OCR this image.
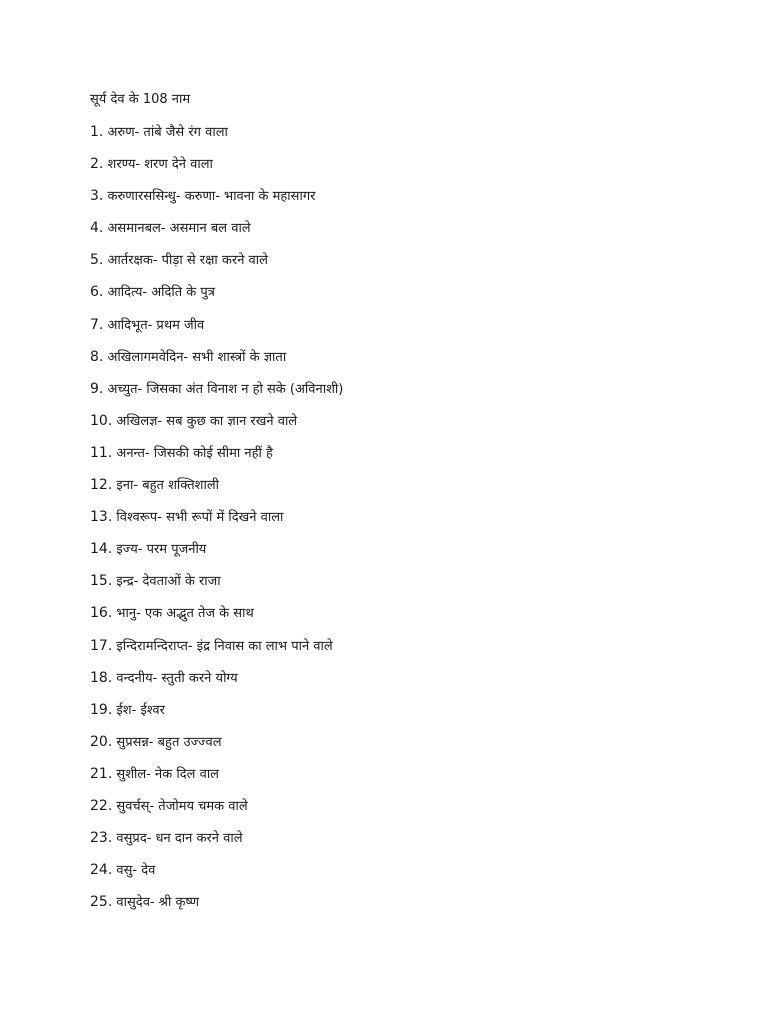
सूर्य देव के 108 नाम
1. अरुण- तांबे जैसे रंग वाला
2. शरण्य- शरण देने वाला
3. करुणारससिन्धु- करुणा- भावना के महासागर
4. असमानबल- असमान बल वाले
5. आर्तरक्षक- पीड़ा से रक्षा करने वाले
6. आदित्य- अदिति के पुत्र
7. आदिभूत- प्रथम जीव
8. अखिलागमवेदिन- सभी शास्त्रों के ज्ञाता
9. अच्युत- जिसका अंत विनाश न हो सके (अविनाशी)
10. अखिलज्ञ- सब कुछ का ज्ञान रखने वाले
11. अनन्त- जिसकी कोई सीमा नहीं है
12. इना- बहुत शक्तिशाली
13. विश्वरूप- सभी रूपों में दिखने वाला
14. इज्य- परम पूजनीय
15. इन्द्र- देवताओं के राजा
16. भानु- एक अद्भुत तेज के साथ
17. इन्दिरामन्दिराप्त- इंद्र निवास का लाभ पाने वाले
18. वन्दनीय- स्तुती करने योग्य
19. ईश- ईश्वर
20. सुप्रसन्न- बहुत उज्ज्वल
21. सुशील- नेक दिल वाल
22. सुवर्चस्- तेजोमय चमक वाले
23. वसुप्रद- धन दान करने वाले
24. वसु- देव
25. वासुदेव- श्री कृष्ण
